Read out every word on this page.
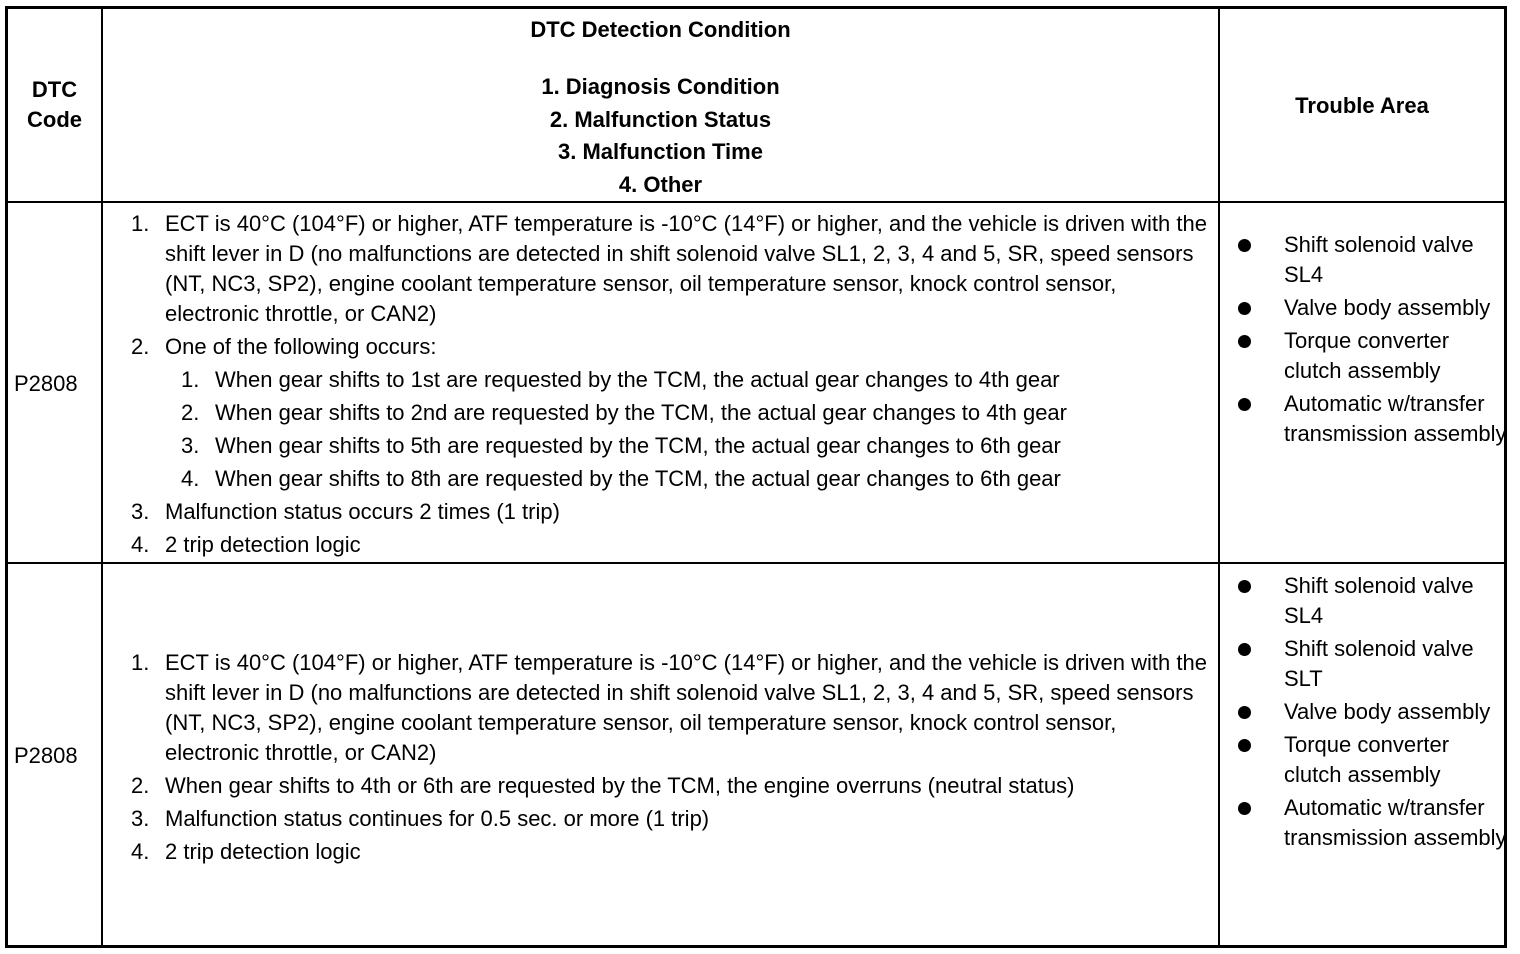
DTC
Code
DTC Detection Condition
1. Diagnosis Condition
2. Malfunction Status
3. Malfunction Time
4. Other
Trouble Area
P2808
1. ECT is 40°C (104°F) or higher, ATF temperature is -10°C (14°F) or higher, and the vehicle is driven with the shift lever in D (no malfunctions are detected in shift solenoid valve SL1, 2, 3, 4 and 5, SR, speed sensors (NT, NC3, SP2), engine coolant temperature sensor, oil temperature sensor, knock control sensor, electronic throttle, or CAN2)
2. One of the following occurs:
1. When gear shifts to 1st are requested by the TCM, the actual gear changes to 4th gear
2. When gear shifts to 2nd are requested by the TCM, the actual gear changes to 4th gear
3. When gear shifts to 5th are requested by the TCM, the actual gear changes to 6th gear
4. When gear shifts to 8th are requested by the TCM, the actual gear changes to 6th gear
3. Malfunction status occurs 2 times (1 trip)
4. 2 trip detection logic
Shift solenoid valve SL4
Valve body assembly
Torque converter clutch assembly
Automatic w/transfer transmission assembly
P2808
1. ECT is 40°C (104°F) or higher, ATF temperature is -10°C (14°F) or higher, and the vehicle is driven with the shift lever in D (no malfunctions are detected in shift solenoid valve SL1, 2, 3, 4 and 5, SR, speed sensors (NT, NC3, SP2), engine coolant temperature sensor, oil temperature sensor, knock control sensor, electronic throttle, or CAN2)
2. When gear shifts to 4th or 6th are requested by the TCM, the engine overruns (neutral status)
3. Malfunction status continues for 0.5 sec. or more (1 trip)
4. 2 trip detection logic
Shift solenoid valve SL4
Shift solenoid valve SLT
Valve body assembly
Torque converter clutch assembly
Automatic w/transfer transmission assembly
